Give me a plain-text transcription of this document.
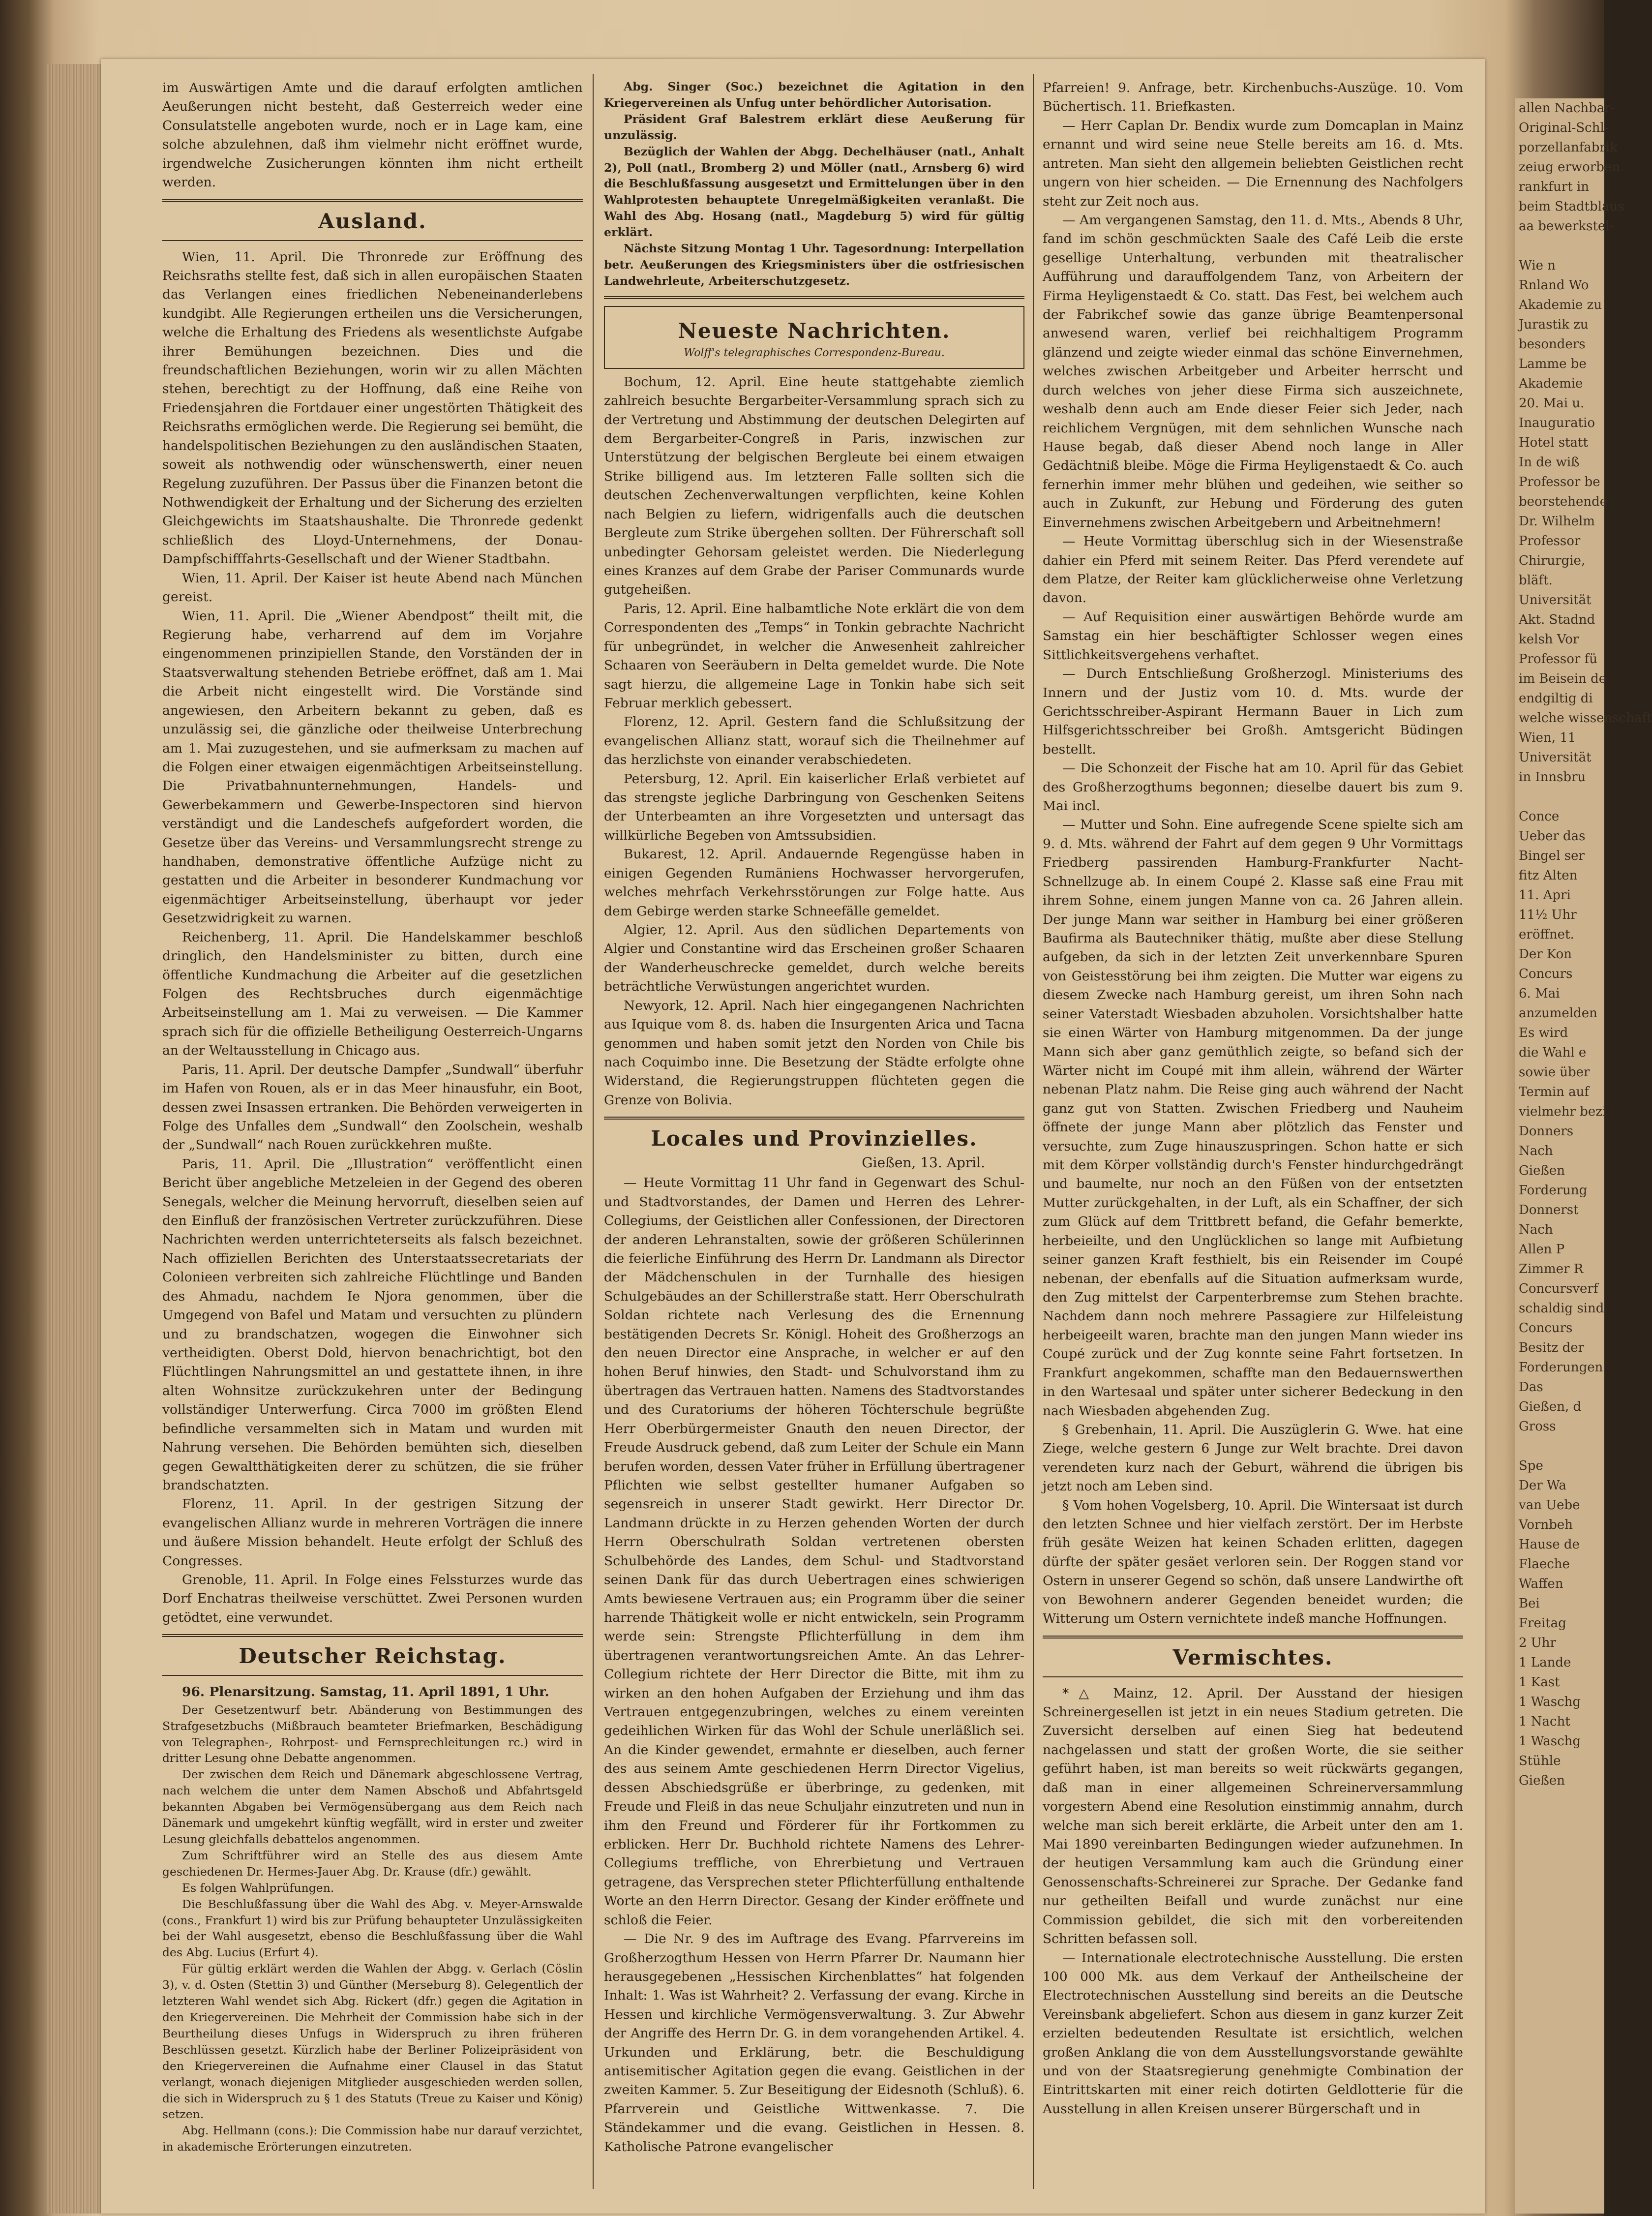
im Auswärtigen Amte und die darauf erfolgten amtlichen Aeußerungen nicht besteht, daß Gesterreich weder eine Consulatstelle angeboten wurde, noch er in Lage kam, eine solche abzulehnen, daß ihm vielmehr nicht eröffnet wurde, irgendwelche Zusicherungen könnten ihm nicht ertheilt werden.

Ausland.

Wien, 11. April. Die Thronrede zur Eröffnung des Reichsraths stellte fest, daß sich in allen europäischen Staaten das Verlangen eines friedlichen Nebeneinanderlebens kundgibt. Alle Regierungen ertheilen uns die Versicherungen, welche die Erhaltung des Friedens als wesentlichste Aufgabe ihrer Bemühungen bezeichnen. Dies und die freundschaftlichen Beziehungen, worin wir zu allen Mächten stehen, berechtigt zu der Hoffnung, daß eine Reihe von Friedensjahren die Fortdauer einer ungestörten Thätigkeit des Reichsraths ermöglichen werde. Die Regierung sei bemüht, die handelspolitischen Beziehungen zu den ausländischen Staaten, soweit als nothwendig oder wünschenswerth, einer neuen Regelung zuzuführen. Der Passus über die Finanzen betont die Nothwendigkeit der Erhaltung und der Sicherung des erzielten Gleichgewichts im Staatshaushalte. Die Thronrede gedenkt schließlich des Lloyd-Unternehmens, der Donau-Dampfschifffahrts-Gesellschaft und der Wiener Stadtbahn.

Wien, 11. April. Der Kaiser ist heute Abend nach München gereist.

Wien, 11. April. Die „Wiener Abendpost“ theilt mit, die Regierung habe, verharrend auf dem im Vorjahre eingenommenen prinzipiellen Stande, den Vorständen der in Staatsverwaltung stehenden Betriebe eröffnet, daß am 1. Mai die Arbeit nicht eingestellt wird. Die Vorstände sind angewiesen, den Arbeitern bekannt zu geben, daß es unzulässig sei, die gänzliche oder theilweise Unterbrechung am 1. Mai zuzugestehen, und sie aufmerksam zu machen auf die Folgen einer etwaigen eigenmächtigen Arbeitseinstellung. Die Privatbahnunternehmungen, Handels- und Gewerbekammern und Gewerbe-Inspectoren sind hiervon verständigt und die Landeschefs aufgefordert worden, die Gesetze über das Vereins- und Versammlungsrecht strenge zu handhaben, demonstrative öffentliche Aufzüge nicht zu gestatten und die Arbeiter in besonderer Kundmachung vor eigenmächtiger Arbeitseinstellung, überhaupt vor jeder Gesetzwidrigkeit zu warnen.

Reichenberg, 11. April. Die Handelskammer beschloß dringlich, den Handelsminister zu bitten, durch eine öffentliche Kundmachung die Arbeiter auf die gesetzlichen Folgen des Rechtsbruches durch eigenmächtige Arbeitseinstellung am 1. Mai zu verweisen. — Die Kammer sprach sich für die offizielle Betheiligung Oesterreich-Ungarns an der Weltausstellung in Chicago aus.

Paris, 11. April. Der deutsche Dampfer „Sundwall“ überfuhr im Hafen von Rouen, als er in das Meer hinausfuhr, ein Boot, dessen zwei Insassen ertranken. Die Behörden verweigerten in Folge des Unfalles dem „Sundwall“ den Zoolschein, weshalb der „Sundwall“ nach Rouen zurückkehren mußte.

Paris, 11. April. Die „Illustration“ veröffentlicht einen Bericht über angebliche Metzeleien in der Gegend des oberen Senegals, welcher die Meinung hervorruft, dieselben seien auf den Einfluß der französischen Vertreter zurückzuführen. Diese Nachrichten werden unterrichteterseits als falsch bezeichnet. Nach offiziellen Berichten des Unterstaatssecretariats der Colonieen verbreiten sich zahlreiche Flüchtlinge und Banden des Ahmadu, nachdem Ie Njora genommen, über die Umgegend von Bafel und Matam und versuchten zu plündern und zu brandschatzen, wogegen die Einwohner sich vertheidigten. Oberst Dold, hiervon benachrichtigt, bot den Flüchtlingen Nahrungsmittel an und gestattete ihnen, in ihre alten Wohnsitze zurückzukehren unter der Bedingung vollständiger Unterwerfung. Circa 7000 im größten Elend befindliche versammelten sich in Matam und wurden mit Nahrung versehen. Die Behörden bemühten sich, dieselben gegen Gewaltthätigkeiten derer zu schützen, die sie früher brandschatzten.

Florenz, 11. April. In der gestrigen Sitzung der evangelischen Allianz wurde in mehreren Vorträgen die innere und äußere Mission behandelt. Heute erfolgt der Schluß des Congresses.

Grenoble, 11. April. In Folge eines Felssturzes wurde das Dorf Enchatras theilweise verschüttet. Zwei Personen wurden getödtet, eine verwundet.

Deutscher Reichstag.

96. Plenarsitzung. Samstag, 11. April 1891, 1 Uhr.

Der Gesetzentwurf betr. Abänderung von Bestimmungen des Strafgesetzbuchs (Mißbrauch beamteter Briefmarken, Beschädigung von Telegraphen-, Rohrpost- und Fernsprechleitungen rc.) wird in dritter Lesung ohne Debatte angenommen.

Der zwischen dem Reich und Dänemark abgeschlossene Vertrag, nach welchem die unter dem Namen Abschoß und Abfahrtsgeld bekannten Abgaben bei Vermögensübergang aus dem Reich nach Dänemark und umgekehrt künftig wegfällt, wird in erster und zweiter Lesung gleichfalls debattelos angenommen.

Zum Schriftführer wird an Stelle des aus diesem Amte geschiedenen Dr. Hermes-Jauer Abg. Dr. Krause (dfr.) gewählt.

Es folgen Wahlprüfungen.

Die Beschlußfassung über die Wahl des Abg. v. Meyer-Arnswalde (cons., Frankfurt 1) wird bis zur Prüfung behaupteter Unzulässigkeiten bei der Wahl ausgesetzt, ebenso die Beschlußfassung über die Wahl des Abg. Lucius (Erfurt 4).

Für gültig erklärt werden die Wahlen der Abgg. v. Gerlach (Cöslin 3), v. d. Osten (Stettin 3) und Günther (Merseburg 8). Gelegentlich der letzteren Wahl wendet sich Abg. Rickert (dfr.) gegen die Agitation in den Kriegervereinen. Die Mehrheit der Commission habe sich in der Beurtheilung dieses Unfugs in Widerspruch zu ihren früheren Beschlüssen gesetzt. Kürzlich habe der Berliner Polizeipräsident von den Kriegervereinen die Aufnahme einer Clausel in das Statut verlangt, wonach diejenigen Mitglieder ausgeschieden werden sollen, die sich in Widerspruch zu § 1 des Statuts (Treue zu Kaiser und König) setzen.

Abg. Hellmann (cons.): Die Commission habe nur darauf verzichtet, in akademische Erörterungen einzutreten.

Abg. Singer (Soc.) bezeichnet die Agitation in den Kriegervereinen als Unfug unter behördlicher Autorisation.

Präsident Graf Balestrem erklärt diese Aeußerung für unzulässig.

Bezüglich der Wahlen der Abgg. Dechelhäuser (natl., Anhalt 2), Poll (natl., Bromberg 2) und Möller (natl., Arnsberg 6) wird die Beschlußfassung ausgesetzt und Ermittelungen über in den Wahlprotesten behauptete Unregelmäßigkeiten veranlaßt. Die Wahl des Abg. Hosang (natl., Magdeburg 5) wird für gültig erklärt.

Nächste Sitzung Montag 1 Uhr. Tagesordnung: Interpellation betr. Aeußerungen des Kriegsministers über die ostfriesischen Landwehrleute, Arbeiterschutzgesetz.

Neueste Nachrichten.
Wolff's telegraphisches Correspondenz-Bureau.

Bochum, 12. April. Eine heute stattgehabte ziemlich zahlreich besuchte Bergarbeiter-Versammlung sprach sich zu der Vertretung und Abstimmung der deutschen Delegirten auf dem Bergarbeiter-Congreß in Paris, inzwischen zur Unterstützung der belgischen Bergleute bei einem etwaigen Strike billigend aus. Im letzteren Falle sollten sich die deutschen Zechenverwaltungen verpflichten, keine Kohlen nach Belgien zu liefern, widrigenfalls auch die deutschen Bergleute zum Strike übergehen sollten. Der Führerschaft soll unbedingter Gehorsam geleistet werden. Die Niederlegung eines Kranzes auf dem Grabe der Pariser Communards wurde gutgeheißen.

Paris, 12. April. Eine halbamtliche Note erklärt die von dem Correspondenten des „Temps“ in Tonkin gebrachte Nachricht für unbegründet, in welcher die Anwesenheit zahlreicher Schaaren von Seeräubern in Delta gemeldet wurde. Die Note sagt hierzu, die allgemeine Lage in Tonkin habe sich seit Februar merklich gebessert.

Florenz, 12. April. Gestern fand die Schlußsitzung der evangelischen Allianz statt, worauf sich die Theilnehmer auf das herzlichste von einander verabschiedeten.

Petersburg, 12. April. Ein kaiserlicher Erlaß verbietet auf das strengste jegliche Darbringung von Geschenken Seitens der Unterbeamten an ihre Vorgesetzten und untersagt das willkürliche Begeben von Amtssubsidien.

Bukarest, 12. April. Andauernde Regengüsse haben in einigen Gegenden Rumäniens Hochwasser hervorgerufen, welches mehrfach Verkehrsstörungen zur Folge hatte. Aus dem Gebirge werden starke Schneefälle gemeldet.

Algier, 12. April. Aus den südlichen Departements von Algier und Constantine wird das Erscheinen großer Schaaren der Wanderheuschrecke gemeldet, durch welche bereits beträchtliche Verwüstungen angerichtet wurden.

Newyork, 12. April. Nach hier eingegangenen Nachrichten aus Iquique vom 8. ds. haben die Insurgenten Arica und Tacna genommen und haben somit jetzt den Norden von Chile bis nach Coquimbo inne. Die Besetzung der Städte erfolgte ohne Widerstand, die Regierungstruppen flüchteten gegen die Grenze von Bolivia.

Locales und Provinzielles.
Gießen, 13. April.

— Heute Vormittag 11 Uhr fand in Gegenwart des Schul- und Stadtvorstandes, der Damen und Herren des Lehrer-Collegiums, der Geistlichen aller Confessionen, der Directoren der anderen Lehranstalten, sowie der größeren Schülerinnen die feierliche Einführung des Herrn Dr. Landmann als Director der Mädchenschulen in der Turnhalle des hiesigen Schulgebäudes an der Schillerstraße statt. Herr Oberschulrath Soldan richtete nach Verlesung des die Ernennung bestätigenden Decrets Sr. Königl. Hoheit des Großherzogs an den neuen Director eine Ansprache, in welcher er auf den hohen Beruf hinwies, den Stadt- und Schulvorstand ihm zu übertragen das Vertrauen hatten. Namens des Stadtvorstandes und des Curatoriums der höheren Töchterschule begrüßte Herr Oberbürgermeister Gnauth den neuen Director, der Freude Ausdruck gebend, daß zum Leiter der Schule ein Mann berufen worden, dessen Vater früher in Erfüllung übertragener Pflichten wie selbst gestellter humaner Aufgaben so segensreich in unserer Stadt gewirkt. Herr Director Dr. Landmann drückte in zu Herzen gehenden Worten der durch Herrn Oberschulrath Soldan vertretenen obersten Schulbehörde des Landes, dem Schul- und Stadtvorstand seinen Dank für das durch Uebertragen eines schwierigen Amts bewiesene Vertrauen aus; ein Programm über die seiner harrende Thätigkeit wolle er nicht entwickeln, sein Programm werde sein: Strengste Pflichterfüllung in dem ihm übertragenen verantwortungsreichen Amte. An das Lehrer-Collegium richtete der Herr Director die Bitte, mit ihm zu wirken an den hohen Aufgaben der Erziehung und ihm das Vertrauen entgegenzubringen, welches zu einem vereinten gedeihlichen Wirken für das Wohl der Schule unerläßlich sei. An die Kinder gewendet, ermahnte er dieselben, auch ferner des aus seinem Amte geschiedenen Herrn Director Vigelius, dessen Abschiedsgrüße er überbringe, zu gedenken, mit Freude und Fleiß in das neue Schuljahr einzutreten und nun in ihm den Freund und Förderer für ihr Fortkommen zu erblicken. Herr Dr. Buchhold richtete Namens des Lehrer-Collegiums treffliche, von Ehrerbietung und Vertrauen getragene, das Versprechen steter Pflichterfüllung enthaltende Worte an den Herrn Director. Gesang der Kinder eröffnete und schloß die Feier.

— Die Nr. 9 des im Auftrage des Evang. Pfarrvereins im Großherzogthum Hessen von Herrn Pfarrer Dr. Naumann hier herausgegebenen „Hessischen Kirchenblattes“ hat folgenden Inhalt: 1. Was ist Wahrheit? 2. Verfassung der evang. Kirche in Hessen und kirchliche Vermögensverwaltung. 3. Zur Abwehr der Angriffe des Herrn Dr. G. in dem vorangehenden Artikel. 4. Urkunden und Erklärung, betr. die Beschuldigung antisemitischer Agitation gegen die evang. Geistlichen in der zweiten Kammer. 5. Zur Beseitigung der Eidesnoth (Schluß). 6. Pfarrverein und Geistliche Wittwenkasse. 7. Die Ständekammer und die evang. Geistlichen in Hessen. 8. Katholische Patrone evangelischer

Pfarreien! 9. Anfrage, betr. Kirchenbuchs-Auszüge. 10. Vom Büchertisch. 11. Briefkasten.

— Herr Caplan Dr. Bendix wurde zum Domcaplan in Mainz ernannt und wird seine neue Stelle bereits am 16. d. Mts. antreten. Man sieht den allgemein beliebten Geistlichen recht ungern von hier scheiden. — Die Ernennung des Nachfolgers steht zur Zeit noch aus.

— Am vergangenen Samstag, den 11. d. Mts., Abends 8 Uhr, fand im schön geschmückten Saale des Café Leib die erste gesellige Unterhaltung, verbunden mit theatralischer Aufführung und darauffolgendem Tanz, von Arbeitern der Firma Heyligenstaedt & Co. statt. Das Fest, bei welchem auch der Fabrikchef sowie das ganze übrige Beamtenpersonal anwesend waren, verlief bei reichhaltigem Programm glänzend und zeigte wieder einmal das schöne Einvernehmen, welches zwischen Arbeitgeber und Arbeiter herrscht und durch welches von jeher diese Firma sich auszeichnete, weshalb denn auch am Ende dieser Feier sich Jeder, nach reichlichem Vergnügen, mit dem sehnlichen Wunsche nach Hause begab, daß dieser Abend noch lange in Aller Gedächtniß bleibe. Möge die Firma Heyligenstaedt & Co. auch fernerhin immer mehr blühen und gedeihen, wie seither so auch in Zukunft, zur Hebung und Förderung des guten Einvernehmens zwischen Arbeitgebern und Arbeitnehmern!

— Heute Vormittag überschlug sich in der Wiesenstraße dahier ein Pferd mit seinem Reiter. Das Pferd verendete auf dem Platze, der Reiter kam glücklicherweise ohne Verletzung davon.

— Auf Requisition einer auswärtigen Behörde wurde am Samstag ein hier beschäftigter Schlosser wegen eines Sittlichkeitsvergehens verhaftet.

— Durch Entschließung Großherzogl. Ministeriums des Innern und der Justiz vom 10. d. Mts. wurde der Gerichtsschreiber-Aspirant Hermann Bauer in Lich zum Hilfsgerichtsschreiber bei Großh. Amtsgericht Büdingen bestellt.

— Die Schonzeit der Fische hat am 10. April für das Gebiet des Großherzogthums begonnen; dieselbe dauert bis zum 9. Mai incl.

— Mutter und Sohn. Eine aufregende Scene spielte sich am 9. d. Mts. während der Fahrt auf dem gegen 9 Uhr Vormittags Friedberg passirenden Hamburg-Frankfurter Nacht-Schnellzuge ab. In einem Coupé 2. Klasse saß eine Frau mit ihrem Sohne, einem jungen Manne von ca. 26 Jahren allein. Der junge Mann war seither in Hamburg bei einer größeren Baufirma als Bautechniker thätig, mußte aber diese Stellung aufgeben, da sich in der letzten Zeit unverkennbare Spuren von Geistesstörung bei ihm zeigten. Die Mutter war eigens zu diesem Zwecke nach Hamburg gereist, um ihren Sohn nach seiner Vaterstadt Wiesbaden abzuholen. Vorsichtshalber hatte sie einen Wärter von Hamburg mitgenommen. Da der junge Mann sich aber ganz gemüthlich zeigte, so befand sich der Wärter nicht im Coupé mit ihm allein, während der Wärter nebenan Platz nahm. Die Reise ging auch während der Nacht ganz gut von Statten. Zwischen Friedberg und Nauheim öffnete der junge Mann aber plötzlich das Fenster und versuchte, zum Zuge hinauszuspringen. Schon hatte er sich mit dem Körper vollständig durch's Fenster hindurchgedrängt und baumelte, nur noch an den Füßen von der entsetzten Mutter zurückgehalten, in der Luft, als ein Schaffner, der sich zum Glück auf dem Trittbrett befand, die Gefahr bemerkte, herbeieilte, und den Unglücklichen so lange mit Aufbietung seiner ganzen Kraft festhielt, bis ein Reisender im Coupé nebenan, der ebenfalls auf die Situation aufmerksam wurde, den Zug mittelst der Carpenterbremse zum Stehen brachte. Nachdem dann noch mehrere Passagiere zur Hilfeleistung herbeigeeilt waren, brachte man den jungen Mann wieder ins Coupé zurück und der Zug konnte seine Fahrt fortsetzen. In Frankfurt angekommen, schaffte man den Bedauernswerthen in den Wartesaal und später unter sicherer Bedeckung in den nach Wiesbaden abgehenden Zug.

§ Grebenhain, 11. April. Die Auszüglerin G. Wwe. hat eine Ziege, welche gestern 6 Junge zur Welt brachte. Drei davon verendeten kurz nach der Geburt, während die übrigen bis jetzt noch am Leben sind.

§ Vom hohen Vogelsberg, 10. April. Die Wintersaat ist durch den letzten Schnee und hier vielfach zerstört. Der im Herbste früh gesäte Weizen hat keinen Schaden erlitten, dagegen dürfte der später gesäet verloren sein. Der Roggen stand vor Ostern in unserer Gegend so schön, daß unsere Landwirthe oft von Bewohnern anderer Gegenden beneidet wurden; die Witterung um Ostern vernichtete indeß manche Hoffnungen.

Vermischtes.

*△ Mainz, 12. April. Der Ausstand der hiesigen Schreinergesellen ist jetzt in ein neues Stadium getreten. Die Zuversicht derselben auf einen Sieg hat bedeutend nachgelassen und statt der großen Worte, die sie seither geführt haben, ist man bereits so weit rückwärts gegangen, daß man in einer allgemeinen Schreinerversammlung vorgestern Abend eine Resolution einstimmig annahm, durch welche man sich bereit erklärte, die Arbeit unter den am 1. Mai 1890 vereinbarten Bedingungen wieder aufzunehmen. In der heutigen Versammlung kam auch die Gründung einer Genossenschafts-Schreinerei zur Sprache. Der Gedanke fand nur getheilten Beifall und wurde zunächst nur eine Commission gebildet, die sich mit den vorbereitenden Schritten befassen soll.

— Internationale electrotechnische Ausstellung. Die ersten 100 000 Mk. aus dem Verkauf der Antheilscheine der Electrotechnischen Ausstellung sind bereits an die Deutsche Vereinsbank abgeliefert. Schon aus diesem in ganz kurzer Zeit erzielten bedeutenden Resultate ist ersichtlich, welchen großen Anklang die von dem Ausstellungsvorstande gewählte und von der Staatsregierung genehmigte Combination der Eintrittskarten mit einer reich dotirten Geldlotterie für die Ausstellung in allen Kreisen unserer Bürgerschaft und in

allen Nachbar-
Original-Schl-
porzellanfabrik
zeiug erworben
rankfurt in
beim Stadtblaus
aa bewerkstel-

Wie n
Rnland Wo
Akademie zu
Jurastik zu
besonders
Lamme be
Akademie
20. Mai u.
Inauguratio
Hotel statt
In de wiß
Professor be
beorstehende
Dr. Wilhelm
Professor
Chirurgie,
bläft.
Universität
Akt. Stadnd
kelsh Vor
Professor fü
im Beisein de
endgiltig di
welche wissenschaft
Wien, 11
Universität
in Innsbru

Conce
Ueber das
Bingel ser
fitz Alten
11. Apri
11½ Uhr
eröffnet.
Der Kon
Concurs
6. Mai
anzumelden
Es wird
die Wahl e
sowie über
Termin auf
vielmehr bezi
Donners
Nach
Gießen
Forderung
Donnerst
Nach
Allen P
Zimmer R
Concursverf
schaldig sind
Concurs
Besitz der
Forderungen
Das
Gießen, d
Gross

Spe
Der Wa
van Uebe
Vornbeh
Hause de
Flaeche
Waffen
Bei
Freitag
2 Uhr
1 Lande
1 Kast
1 Waschg
1 Nacht
1 Waschg
Stühle
Gießen
